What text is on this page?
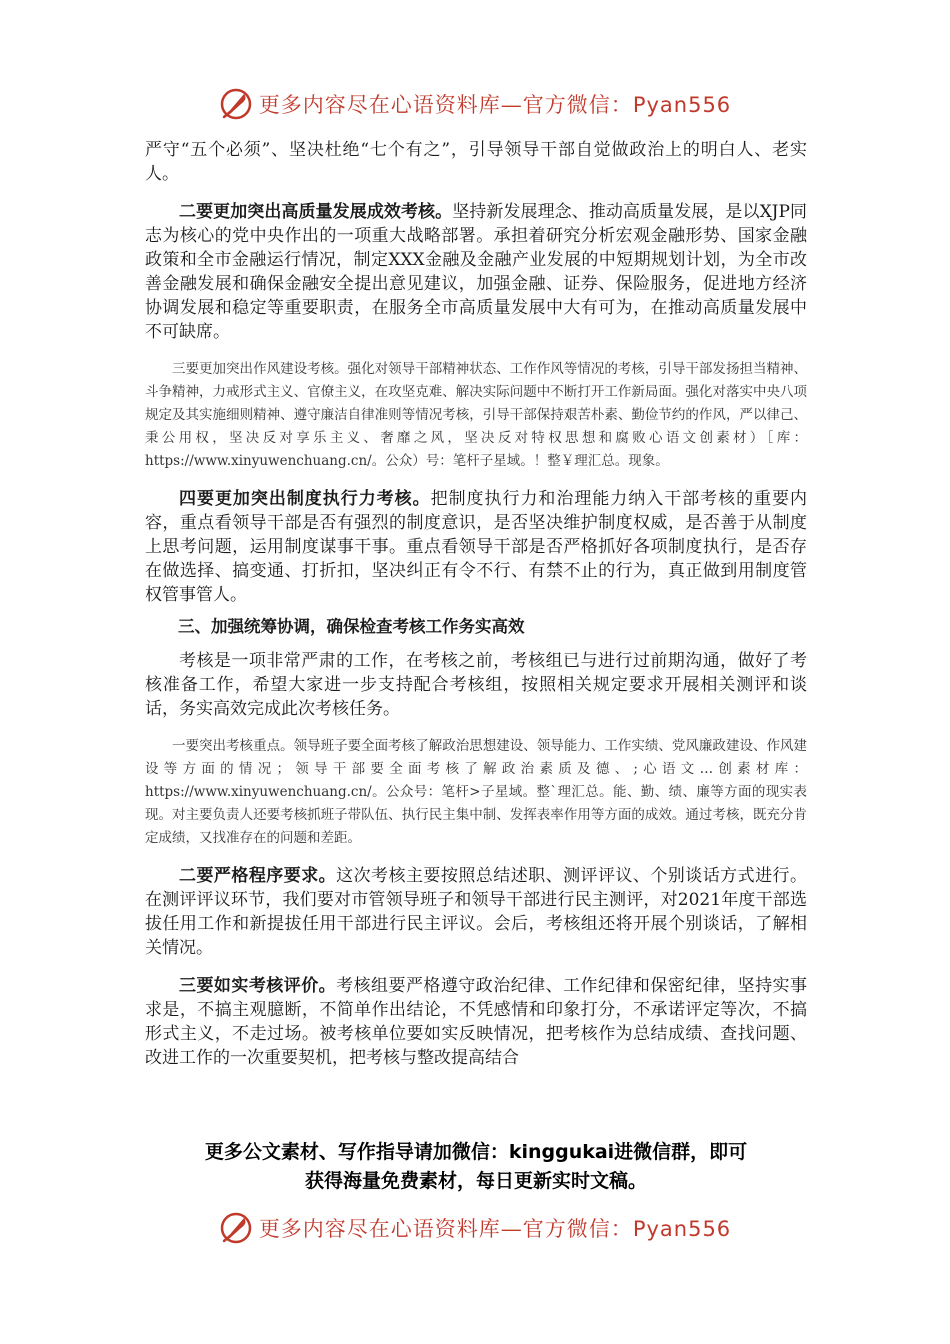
更多内容尽在心语资料库—官方微信：Pyan556

严守“五个必须”、坚决杜绝“七个有之”，引导领导干部自觉做政治上的明白人、老实人。

二要更加突出高质量发展成效考核。坚持新发展理念、推动高质量发展，是以XJP同志为核心的党中央作出的一项重大战略部署。承担着研究分析宏观金融形势、国家金融政策和全市金融运行情况，制定XXX金融及金融产业发展的中短期规划计划，为全市改善金融发展和确保金融安全提出意见建议，加强金融、证券、保险服务，促进地方经济协调发展和稳定等重要职责，在服务全市高质量发展中大有可为，在推动高质量发展中不可缺席。

三要更加突出作风建设考核。强化对领导干部精神状态、工作作风等情况的考核，引导干部发扬担当精神、斗争精神，力戒形式主义、官僚主义，在攻坚克难、解决实际问题中不断打开工作新局面。强化对落实中央八项规定及其实施细则精神、遵守廉洁自律准则等情况考核，引导干部保持艰苦朴素、勤俭节约的作风，严以律己、秉公用权，坚决反对享乐主义、奢靡之风，坚决反对特权思想和腐败心语文创素材）［库：https://www.xinyuwenchuang.cn/。公众）号：笔杆子星域。！整￥理汇总。现象。

四要更加突出制度执行力考核。把制度执行力和治理能力纳入干部考核的重要内容，重点看领导干部是否有强烈的制度意识，是否坚决维护制度权威，是否善于从制度上思考问题，运用制度谋事干事。重点看领导干部是否严格抓好各项制度执行，是否存在做选择、搞变通、打折扣，坚决纠正有令不行、有禁不止的行为，真正做到用制度管权管事管人。

三、加强统筹协调，确保检查考核工作务实高效

考核是一项非常严肃的工作，在考核之前，考核组已与进行过前期沟通，做好了考核准备工作，希望大家进一步支持配合考核组，按照相关规定要求开展相关测评和谈话，务实高效完成此次考核任务。

一要突出考核重点。领导班子要全面考核了解政治思想建设、领导能力、工作实绩、党风廉政建设、作风建设等方面的情况；领导干部要全面考核了解政治素质及德、;心语文…创素材库：https://www.xinyuwenchuang.cn/。公众号：笔杆>子星域。整`理汇总。能、勤、绩、廉等方面的现实表现。对主要负责人还要考核抓班子带队伍、执行民主集中制、发挥表率作用等方面的成效。通过考核，既充分肯定成绩，又找准存在的问题和差距。

二要严格程序要求。这次考核主要按照总结述职、测评评议、个别谈话方式进行。在测评评议环节，我们要对市管领导班子和领导干部进行民主测评，对2021年度干部选拔任用工作和新提拔任用干部进行民主评议。会后，考核组还将开展个别谈话，了解相关情况。

三要如实考核评价。考核组要严格遵守政治纪律、工作纪律和保密纪律，坚持实事求是，不搞主观臆断，不简单作出结论，不凭感情和印象打分，不承诺评定等次，不搞形式主义，不走过场。被考核单位要如实反映情况，把考核作为总结成绩、查找问题、改进工作的一次重要契机，把考核与整改提高结合

更多公文素材、写作指导请加微信：kinggukai进微信群，即可
获得海量免费素材，每日更新实时文稿。
更多内容尽在心语资料库—官方微信：Pyan556
